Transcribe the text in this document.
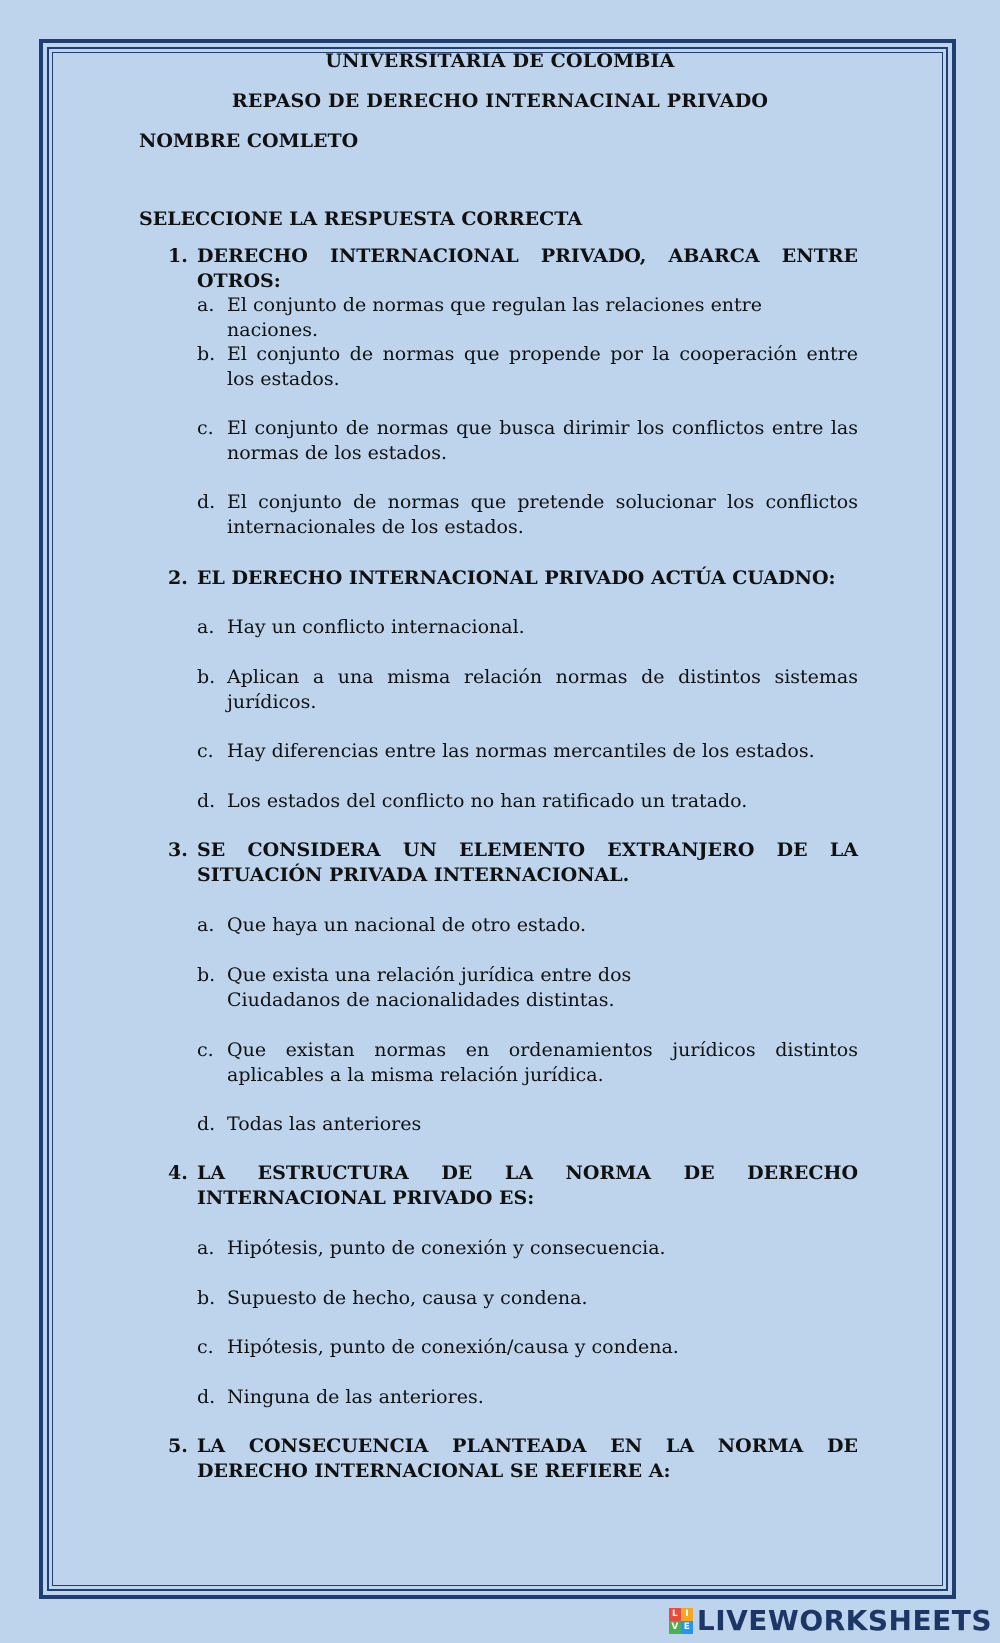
UNIVERSITARIA DE COLOMBIA
REPASO DE DERECHO INTERNACINAL PRIVADO
NOMBRE COMLETO
SELECCIONE LA RESPUESTA CORRECTA
1. DERECHO INTERNACIONAL PRIVADO, ABARCA ENTRE OTROS:
a. El conjunto de normas que regulan las relaciones entre naciones.
b. El conjunto de normas que propende por la cooperación entre los estados.
c. El conjunto de normas que busca dirimir los conflictos entre las normas de los estados.
d. El conjunto de normas que pretende solucionar los conflictos internacionales de los estados.
2. EL DERECHO INTERNACIONAL PRIVADO ACTÚA CUADNO:
a. Hay un conflicto internacional.
b. Aplican a una misma relación normas de distintos sistemas jurídicos.
c. Hay diferencias entre las normas mercantiles de los estados.
d. Los estados del conflicto no han ratificado un tratado.
3. SE CONSIDERA UN ELEMENTO EXTRANJERO DE LA SITUACIÓN PRIVADA INTERNACIONAL.
a. Que haya un nacional de otro estado.
b. Que exista una relación jurídica entre dos
Ciudadanos de nacionalidades distintas.
c. Que existan normas en ordenamientos jurídicos distintos aplicables a la misma relación jurídica.
d. Todas las anteriores
4. LA ESTRUCTURA DE LA NORMA DE DERECHO INTERNACIONAL PRIVADO ES:
a. Hipótesis, punto de conexión y consecuencia.
b. Supuesto de hecho, causa y condena.
c. Hipótesis, punto de conexión/causa y condena.
d. Ninguna de las anteriores.
5. LA CONSECUENCIA PLANTEADA EN LA NORMA DE DERECHO INTERNACIONAL SE REFIERE A:
L I
V E LIVEWORKSHEETS
